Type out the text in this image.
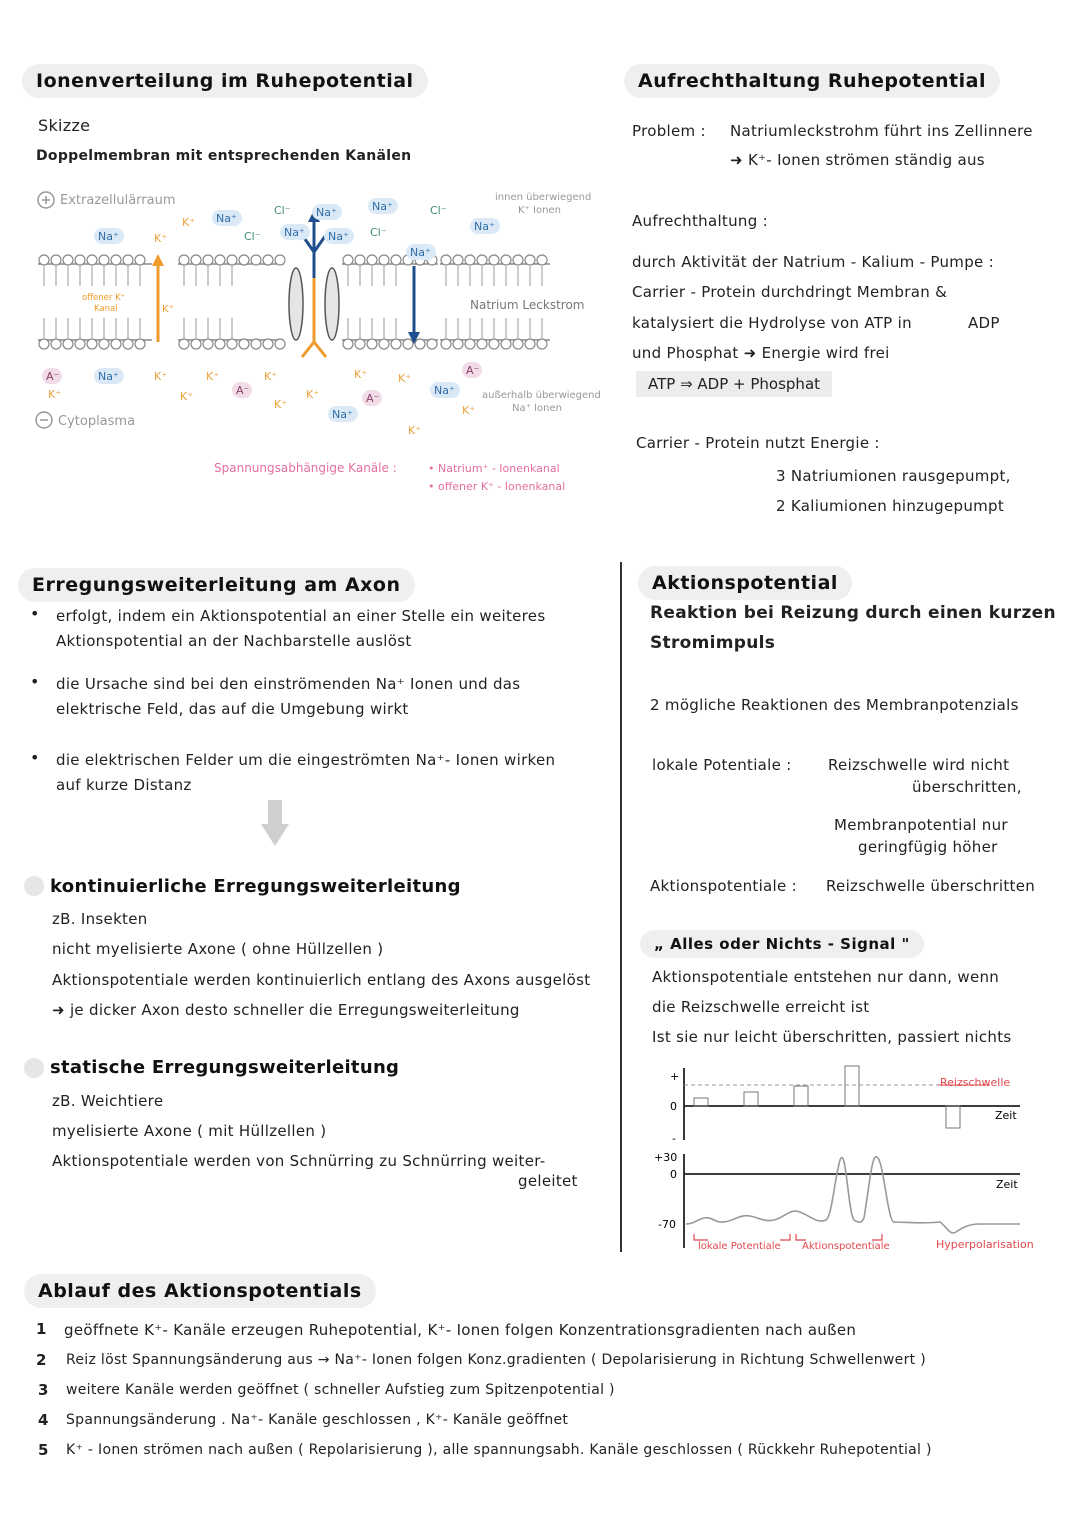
Ionenverteilung im Ruhepotential
Skizze
Doppelmembran mit entsprechenden Kanälen
Extrazellulärraum
Cytoplasma
innen überwiegend
K⁺ Ionen
außerhalb überwiegend
Na⁺ Ionen
offener K⁺
Kanal	K⁺	Natrium Leckstrom
Na⁺	K⁺
K⁺ Na⁺
Cl⁻
Cl⁻
Na⁺
Na⁺ Na⁺
Na⁺
Cl⁻
Cl⁻
Na⁺
Na⁺
A⁻	Na⁺	K⁺	K⁺	K⁺
K⁺	K⁺	A⁻
K⁺
K⁺
K⁺
A⁻
K⁺
Na⁺
A⁻
Na⁺	K⁺
K⁺
Spannungsabhängige Kanäle :	• Natrium⁺ - Ionenkanal
• offener K⁺ - Ionenkanal
Aufrechthaltung Ruhepotential
Problem : Natriumleckstrohm führt ins Zellinnere
➜ K⁺- Ionen strömen ständig aus
Aufrechthaltung :
durch Aktivität der Natrium - Kalium - Pumpe :
Carrier - Protein durchdringt Membran &
katalysiert die Hydrolyse von ATP in	ADP
und Phosphat ➜ Energie wird frei
ATP ⇒ ADP + Phosphat
Carrier - Protein nutzt Energie :
3 Natriumionen rausgepumpt,
2 Kaliumionen hinzugepumpt
Erregungsweiterleitung am Axon
• erfolgt, indem ein Aktionspotential an einer Stelle ein weiteres
Aktionspotential an der Nachbarstelle auslöst
• die Ursache sind bei den einströmenden Na⁺ Ionen und das
elektrische Feld, das auf die Umgebung wirkt
• die elektrischen Felder um die eingeströmten Na⁺- Ionen wirken
auf kurze Distanz
kontinuierliche Erregungsweiterleitung
zB. Insekten
nicht myelisierte Axone ( ohne Hüllzellen )
Aktionspotentiale werden kontinuierlich entlang des Axons ausgelöst
➜ je dicker Axon desto schneller die Erregungsweiterleitung
statische Erregungsweiterleitung
zB. Weichtiere
myelisierte Axone ( mit Hüllzellen )
Aktionspotentiale werden von Schnürring zu Schnürring weiter-
geleitet
Aktionspotential
Reaktion bei Reizung durch einen kurzen
Stromimpuls
2 mögliche Reaktionen des Membranpotenzials
lokale Potentiale : Reizschwelle wird nicht
überschritten,
Membranpotential nur
geringfügig höher
Aktionspotentiale : Reizschwelle überschritten
„ Alles oder Nichts - Signal "
Aktionspotentiale entstehen nur dann, wenn
die Reizschwelle erreicht ist
Ist sie nur leicht überschritten, passiert nichts
+
0
-
Reizschwelle
Zeit
+30
0
-70
Zeit
lokale Potentiale Aktionspotentiale	Hyperpolarisation
Ablauf des Aktionspotentials
1 geöffnete K⁺- Kanäle erzeugen Ruhepotential, K⁺- Ionen folgen Konzentrationsgradienten nach außen
2 Reiz löst Spannungsänderung aus → Na⁺- Ionen folgen Konz.gradienten ( Depolarisierung in Richtung Schwellenwert )
3 weitere Kanäle werden geöffnet ( schneller Aufstieg zum Spitzenpotential )
4 Spannungsänderung . Na⁺- Kanäle geschlossen , K⁺- Kanäle geöffnet
5 K⁺ - Ionen strömen nach außen ( Repolarisierung ), alle spannungsabh. Kanäle geschlossen ( Rückkehr Ruhepotential )
